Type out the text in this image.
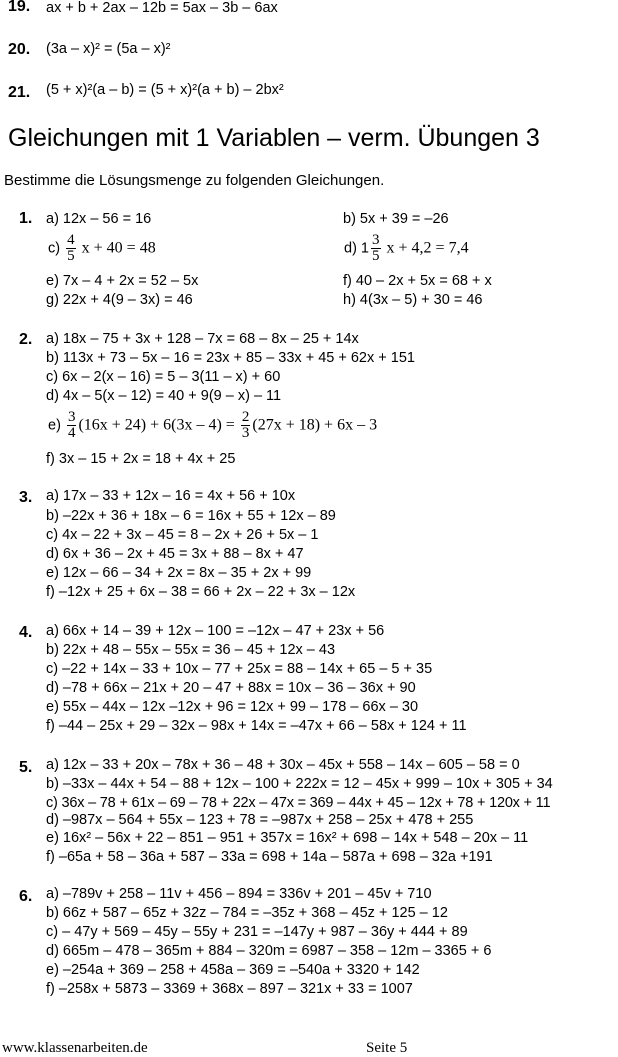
19. ax + b + 2ax – 12b = 5ax – 3b – 6ax
20. (3a – x)² = (5a – x)²
21. (5 + x)²(a – b) = (5 + x)²(a + b) – 2bx²
Gleichungen mit 1 Variablen – verm. Übungen 3
Bestimme die Lösungsmenge zu folgenden Gleichungen.
1. a) 12x – 56 = 16	b) 5x + 39 = –26
$c) \frac{4}{5}$ x + 40 = 48	d) $1 \frac{3}{5}$ x + 4,2 = 7,4
e) 7x – 4 + 2x = 52 – 5x	f) 40 – 2x + 5x = 68 + x
g) 22x + 4(9 – 3x) = 46	h) 4(3x – 5) + 30 = 46
2. a) 18x – 75 + 3x + 128 – 7x = 68 – 8x – 25 + 14x
b) 113x + 73 – 5x – 16 = 23x + 85 – 33x + 45 + 62x + 151
c) 6x – 2(x – 16) = 5 – 3(11 – x) + 60
d) 4x – 5(x – 12) = 40 + 9(9 – x) – 11
$e) \frac{3}{4} (16x + 24) + 6(3x - 4) = \frac{2}{3} (27x + 18) + 6x - 3$
f) 3x – 15 + 2x = 18 + 4x + 25
3. a) 17x – 33 + 12x – 16 = 4x + 56 + 10x
b) –22x + 36 + 18x – 6 = 16x + 55 + 12x – 89
c) 4x – 22 + 3x – 45 = 8 – 2x + 26 + 5x – 1
d) 6x + 36 – 2x + 45 = 3x + 88 – 8x + 47
e) 12x – 66 – 34 + 2x = 8x – 35 + 2x + 99
f) –12x + 25 + 6x – 38 = 66 + 2x – 22 + 3x – 12x
4. a) 66x + 14 – 39 + 12x – 100 = –12x – 47 + 23x + 56
b) 22x + 48 – 55x – 55x = 36 – 45 + 12x – 43
c) –22 + 14x – 33 + 10x – 77 + 25x = 88 – 14x + 65 – 5 + 35
d) –78 + 66x – 21x + 20 – 47 + 88x = 10x – 36 – 36x + 90
e) 55x – 44x – 12x –12x + 96 = 12x + 99 – 178 – 66x – 30
f) –44 – 25x + 29 – 32x – 98x + 14x = –47x + 66 – 58x + 124 + 11
5. a) 12x – 33 + 20x – 78x + 36 – 48 + 30x – 45x + 558 – 14x – 605 – 58 = 0
b) –33x – 44x + 54 – 88 + 12x – 100 + 222x = 12 – 45x + 999 – 10x + 305 + 34
c) 36x – 78 + 61x – 69 – 78 + 22x – 47x = 369 – 44x + 45 – 12x + 78 + 120x + 11
d) –987x – 564 + 55x – 123 + 78 = –987x + 258 – 25x + 478 + 255
e) 16x² – 56x + 22 – 851 – 951 + 357x = 16x² + 698 – 14x + 548 – 20x – 11
f) –65a + 58 – 36a + 587 – 33a = 698 + 14a – 587a + 698 – 32a +191
6. a) –789v + 258 – 11v + 456 – 894 = 336v + 201 – 45v + 710
b) 66z + 587 – 65z + 32z – 784 = –35z + 368 – 45z + 125 – 12
c) – 47y + 569 – 45y – 55y + 231 = –147y + 987 – 36y + 444 + 89
d) 665m – 478 – 365m + 884 – 320m = 6987 – 358 – 12m – 3365 + 6
e) –254a + 369 – 258 + 458a – 369 = –540a + 3320 + 142
f) –258x + 5873 – 3369 + 368x – 897 – 321x + 33 = 1007
www.klassenarbeiten.de	Seite 5
